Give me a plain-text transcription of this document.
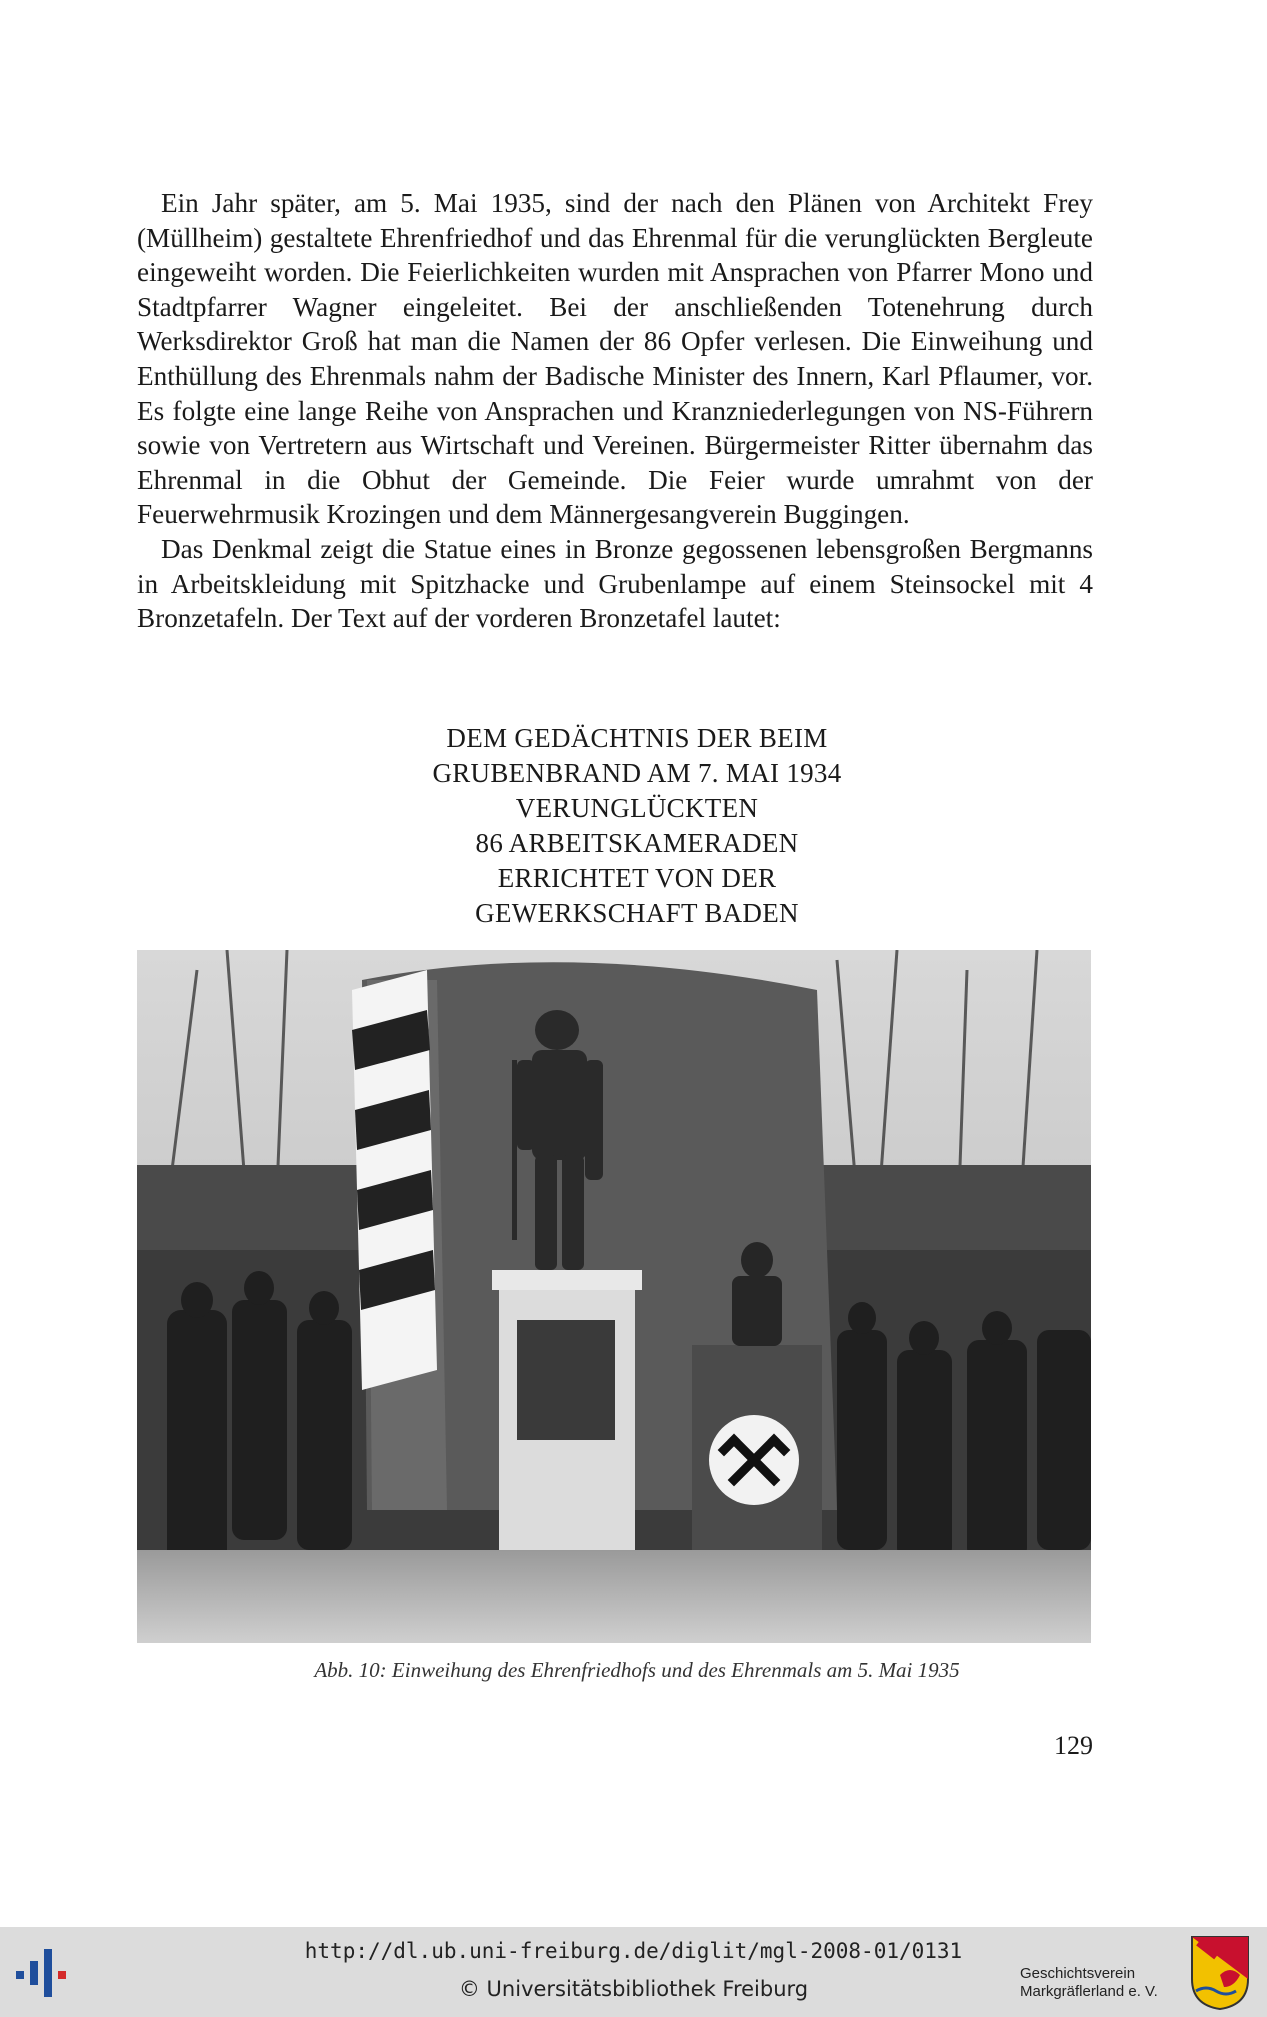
Ein Jahr später, am 5. Mai 1935, sind der nach den Plänen von Architekt Frey (Müllheim) gestaltete Ehrenfriedhof und das Ehrenmal für die verunglückten Bergleute eingeweiht worden. Die Feierlichkeiten wurden mit Ansprachen von Pfarrer Mono und Stadtpfarrer Wagner eingeleitet. Bei der anschließenden Totenehrung durch Werksdirektor Groß hat man die Namen der 86 Opfer verlesen. Die Einweihung und Enthüllung des Ehrenmals nahm der Badische Minister des Innern, Karl Pflaumer, vor. Es folgte eine lange Reihe von Ansprachen und Kranzniederlegungen von NS-Führern sowie von Vertretern aus Wirtschaft und Vereinen. Bürgermeister Ritter übernahm das Ehrenmal in die Obhut der Gemeinde. Die Feier wurde umrahmt von der Feuerwehrmusik Krozingen und dem Männergesangverein Buggingen.

Das Denkmal zeigt die Statue eines in Bronze gegossenen lebensgroßen Bergmanns in Arbeitskleidung mit Spitzhacke und Grubenlampe auf einem Steinsockel mit 4 Bronzetafeln. Der Text auf der vorderen Bronzetafel lautet:

DEM GEDÄCHTNIS DER BEIM
GRUBENBRAND AM 7. MAI 1934
VERUNGLÜCKTEN
86 ARBEITSKAMERADEN
ERRICHTET VON DER
GEWERKSCHAFT BADEN
Abb. 10: Einweihung des Ehrenfriedhofs und des Ehrenmals am 5. Mai 1935
129
http://dl.ub.uni-freiburg.de/diglit/mgl-2008-01/0131
© Universitätsbibliothek Freiburg
Geschichtsverein
Markgräflerland e. V.
